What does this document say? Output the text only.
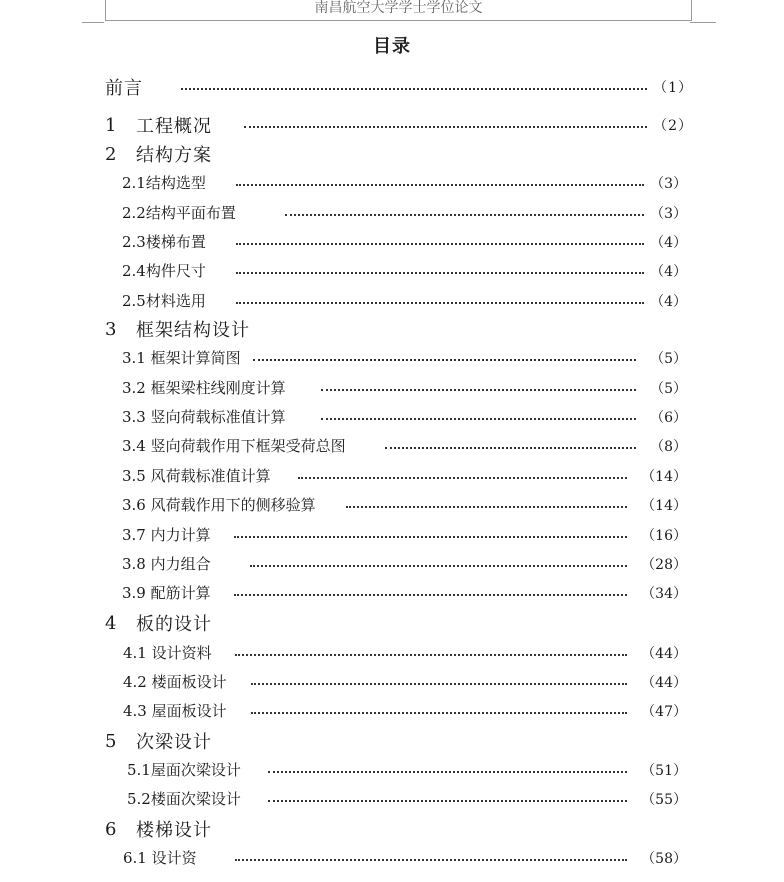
南昌航空大学学士学位论文
目录
前言	（1）
1	工程概况	（2）
2	结构方案
2.1结构选型	（3）
2.2结构平面布置	（3）
2.3楼梯布置	（4）
2.4构件尺寸	（4）
2.5材料选用	（4）
3	框架结构设计
3.1 框架计算简图	（5）
3.2 框架梁柱线刚度计算	（5）
3.3 竖向荷载标准值计算	（6）
3.4 竖向荷载作用下框架受荷总图	（8）
3.5 风荷载标准值计算	（14）
3.6 风荷载作用下的侧移验算	（14）
3.7 内力计算	（16）
3.8 内力组合	（28）
3.9 配筋计算	（34）
4	板的设计
4.1 设计资料	（44）
4.2 楼面板设计	（44）
4.3 屋面板设计	（47）
5	次梁设计
5.1屋面次梁设计	（51）
5.2楼面次梁设计	（55）
6	楼梯设计
6.1 设计资	（58）
